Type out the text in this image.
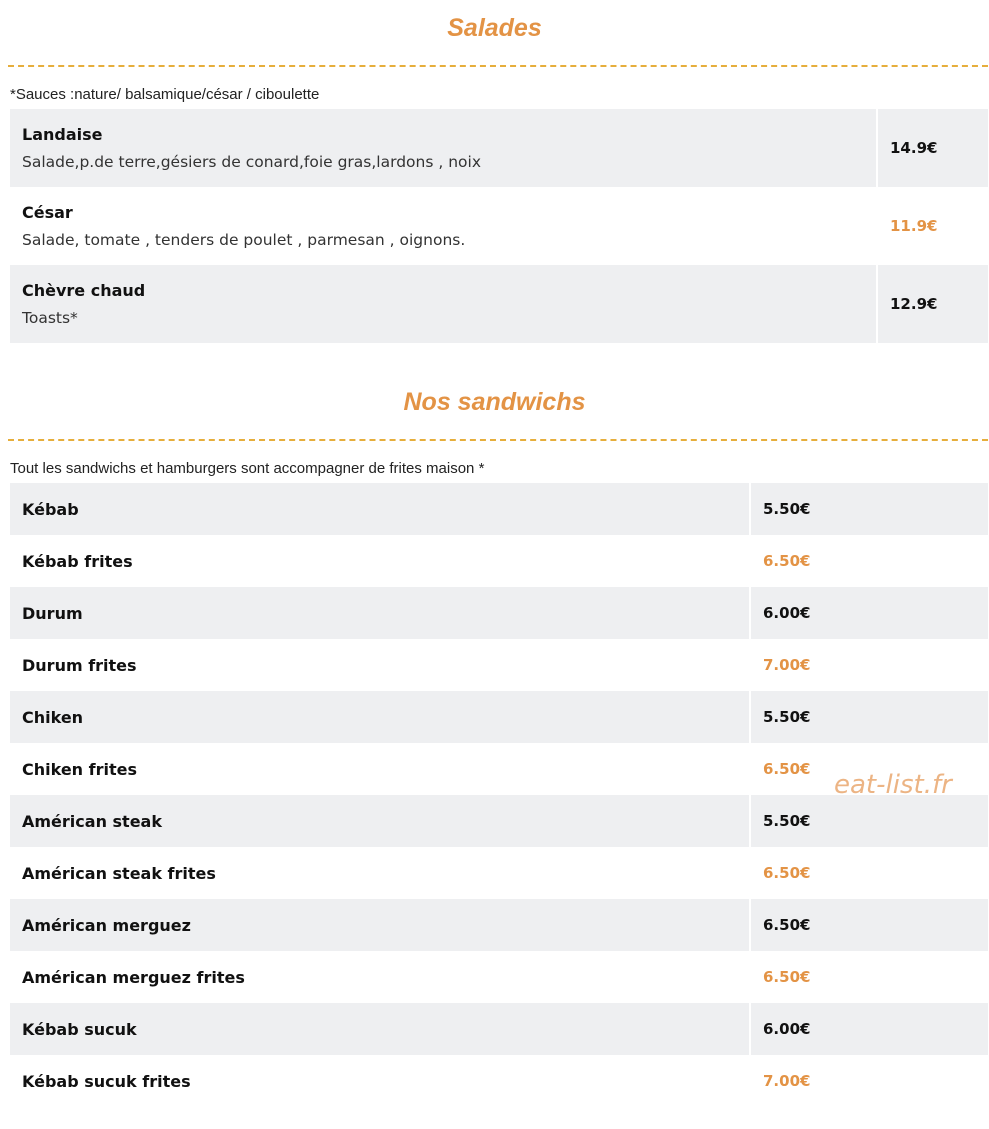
Salades

*Sauces :nature/ balsamique/césar / ciboulette

Landaise
Salade,p.de terre,gésiers de conard,foie gras,lardons , noix	14.9€

César
Salade, tomate , tenders de poulet , parmesan , oignons.	11.9€

Chèvre chaud
Toasts*	12.9€
Nos sandwichs

Tout les sandwichs et hamburgers sont accompagner de frites maison *

Kébab	5.50€

Kébab frites	6.50€

Durum	6.00€

Durum frites	7.00€

Chiken	5.50€

Chiken frites	6.50€

Américan steak	5.50€

Américan steak frites	6.50€

Américan merguez	6.50€

Américan merguez frites	6.50€

Kébab sucuk	6.00€

Kébab sucuk frites	7.00€

eat-list.fr
